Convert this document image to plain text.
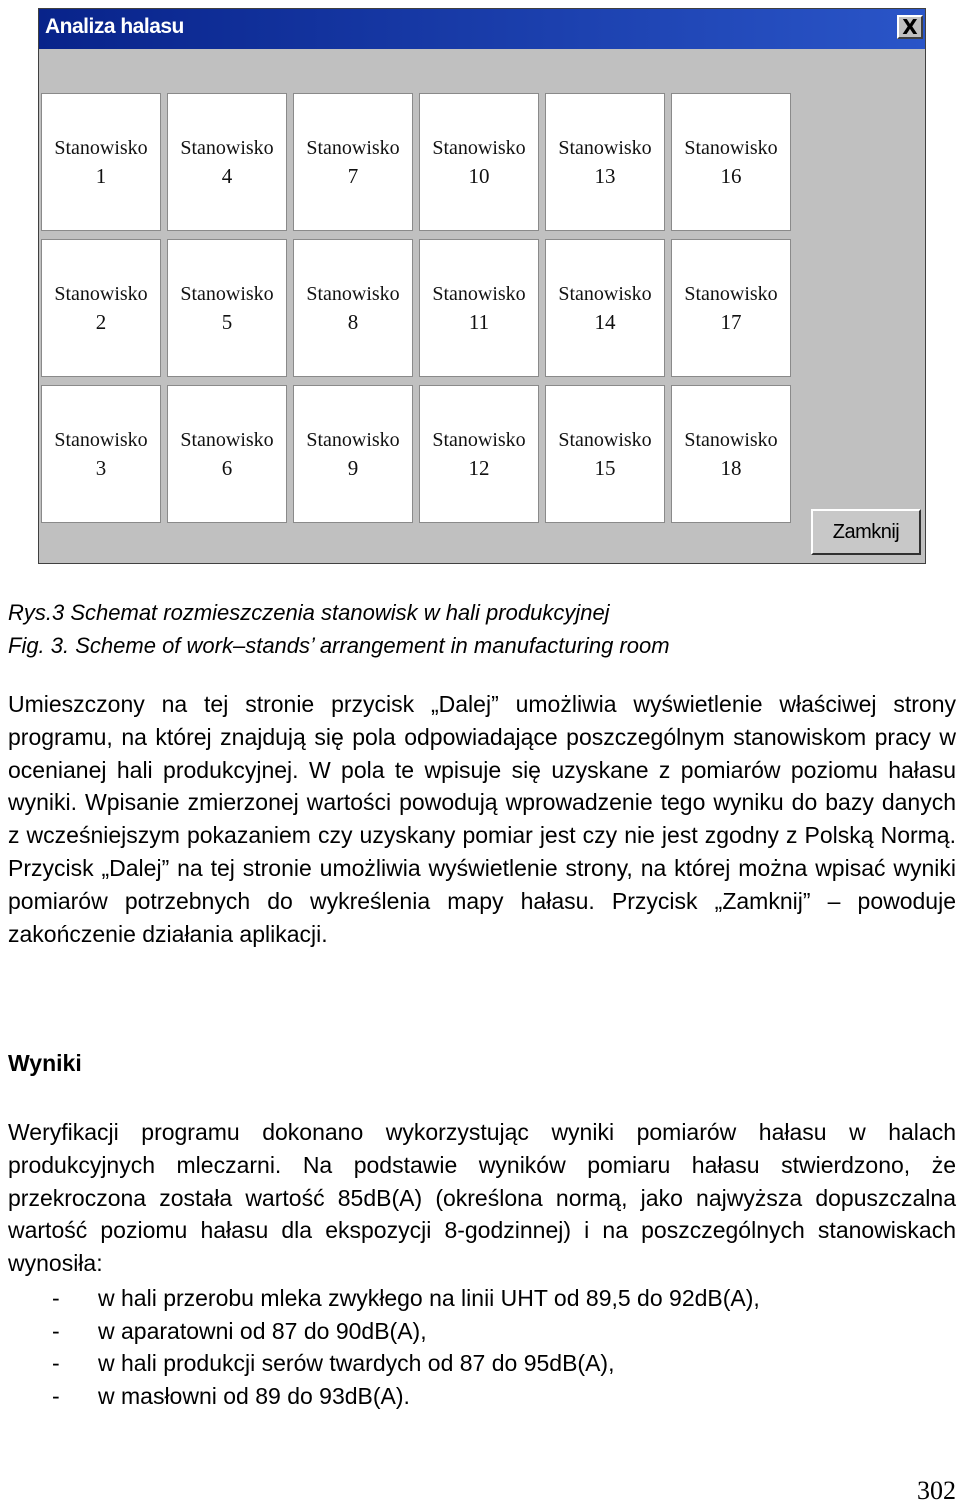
Analiza halasu	X
Stanowisko
1
Stanowisko
4
Stanowisko
7
Stanowisko
10
Stanowisko
13
Stanowisko
16
Stanowisko
2
Stanowisko
5
Stanowisko
8
Stanowisko
11
Stanowisko
14
Stanowisko
17
Stanowisko
3
Stanowisko
6
Stanowisko
9
Stanowisko
12
Stanowisko
15
Stanowisko
18
Zamknij
Rys.3 Schemat rozmieszczenia stanowisk w hali produkcyjnej
Fig. 3. Scheme of work–stands’ arrangement in manufacturing room

Umieszczony na tej stronie przycisk „Dalej” umożliwia wyświetlenie właściwej strony programu, na której znajdują się pola odpowiadające poszczególnym stanowiskom pracy w ocenianej hali produkcyjnej. W pola te wpisuje się uzyskane z pomiarów poziomu hałasu wyniki. Wpisanie zmierzonej wartości powodują wprowadzenie tego wyniku do bazy danych z wcześniejszym pokazaniem czy uzyskany pomiar jest czy nie jest zgodny z Polską Normą. Przycisk „Dalej” na tej stronie umożliwia wyświetlenie strony, na której można wpisać wyniki pomiarów potrzebnych do wykreślenia mapy hałasu. Przycisk „Zamknij” – powoduje zakończenie działania aplikacji.

Wyniki

Weryfikacji programu dokonano wykorzystując wyniki pomiarów hałasu w halach produkcyjnych mleczarni. Na podstawie wyników pomiaru hałasu stwierdzono, że przekroczona została wartość 85dB(A) (określona normą, jako najwyższa dopuszczalna wartość poziomu hałasu dla ekspozycji 8-godzinnej) i na poszczególnych stanowiskach wynosiła:

- w hali przerobu mleka zwykłego na linii UHT od 89,5 do 92dB(A),
- w aparatowni od 87 do 90dB(A),
- w hali produkcji serów twardych od 87 do 95dB(A),
- w masłowni od 89 do 93dB(A).
302
